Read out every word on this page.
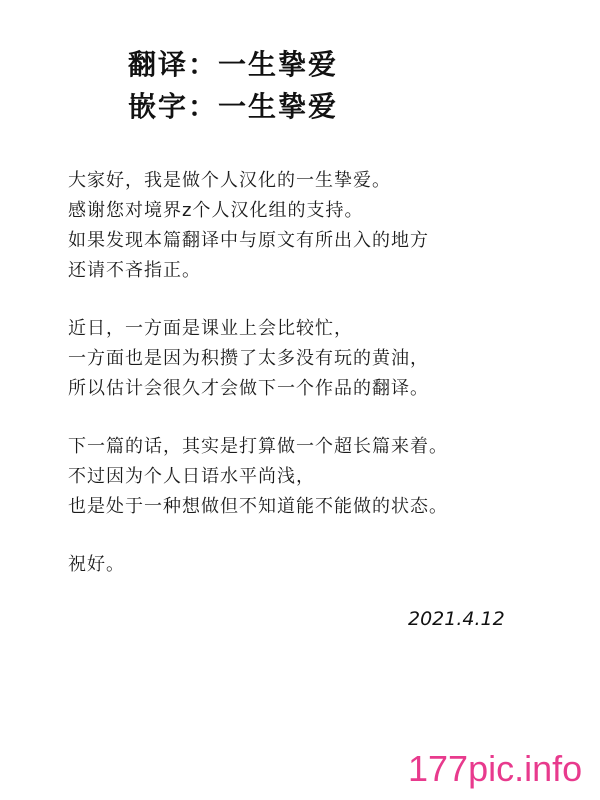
翻译：一生挚爱
嵌字：一生挚爱
大家好，我是做个人汉化的一生挚爱。
感谢您对境界z个人汉化组的支持。
如果发现本篇翻译中与原文有所出入的地方
还请不吝指正。
近日，一方面是课业上会比较忙，
一方面也是因为积攒了太多没有玩的黄油，
所以估计会很久才会做下一个作品的翻译。
下一篇的话，其实是打算做一个超长篇来着。
不过因为个人日语水平尚浅，
也是处于一种想做但不知道能不能做的状态。
祝好。
2021.4.12
177pic.info
